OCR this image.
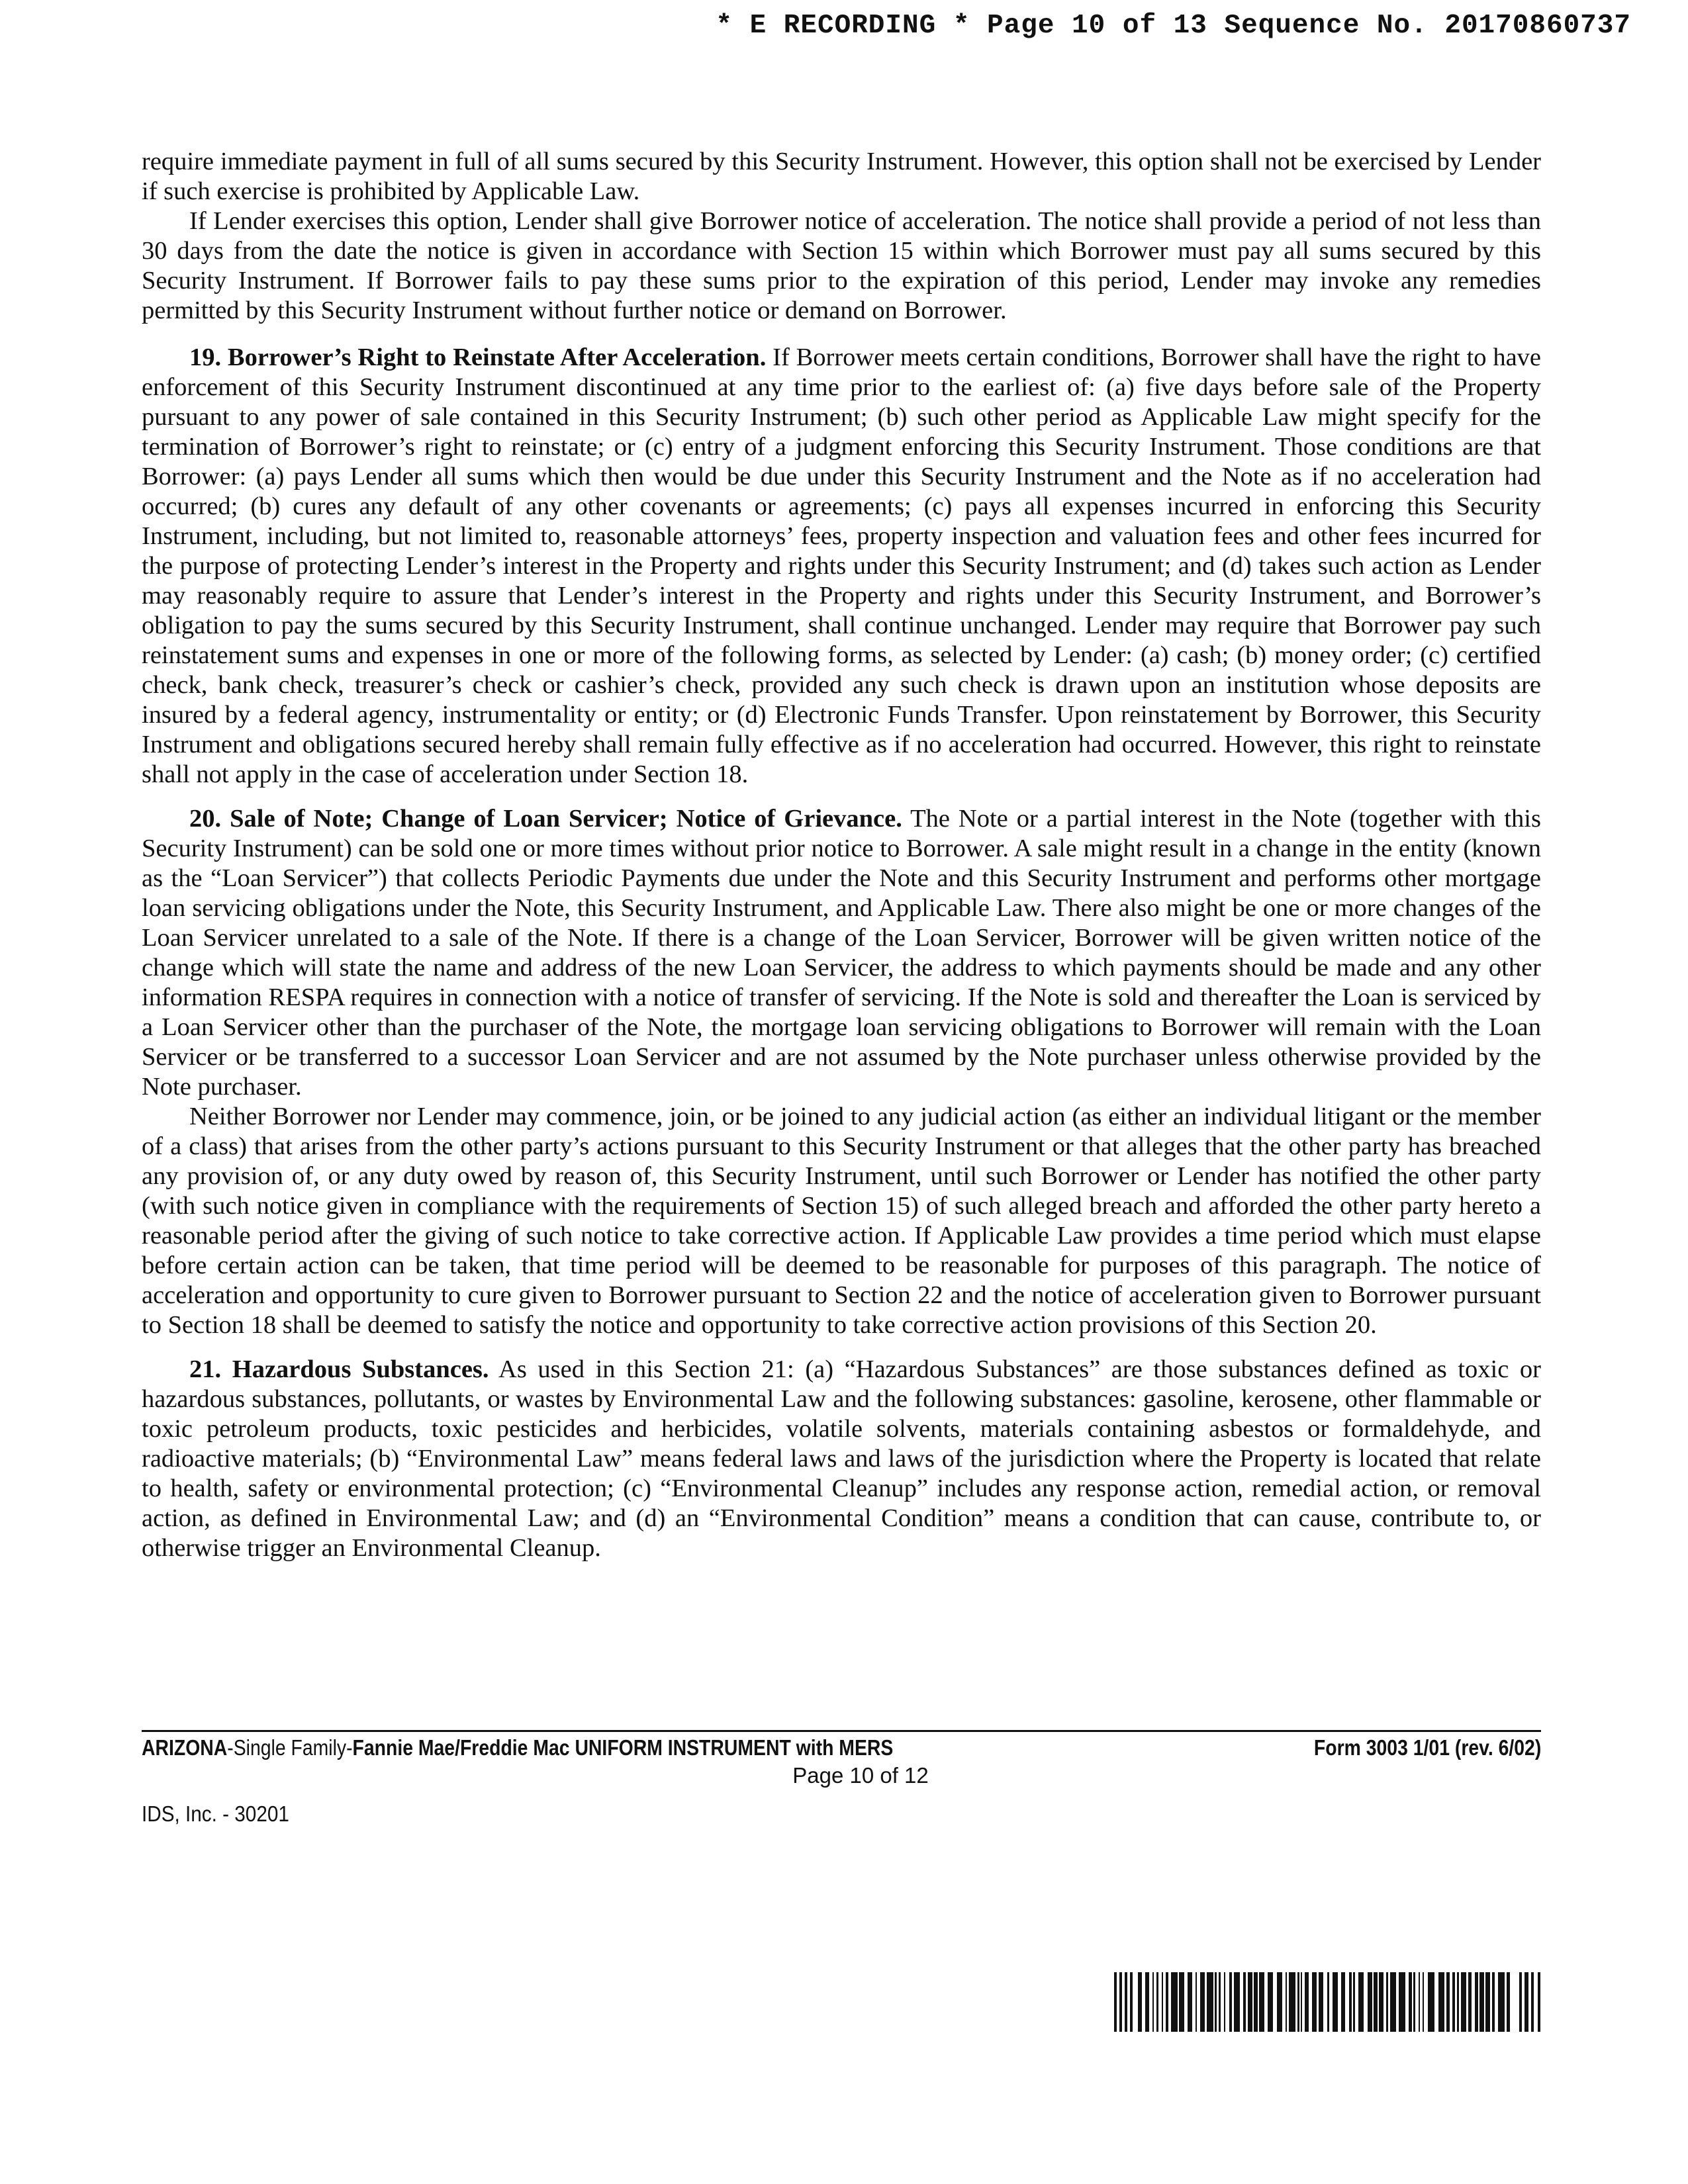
* E RECORDING * Page 10 of 13 Sequence No. 20170860737

require immediate payment in full of all sums secured by this Security Instrument. However, this option shall not be exercised by Lender if such exercise is prohibited by Applicable Law.

If Lender exercises this option, Lender shall give Borrower notice of acceleration. The notice shall provide a period of not less than 30 days from the date the notice is given in accordance with Section 15 within which Borrower must pay all sums secured by this Security Instrument. If Borrower fails to pay these sums prior to the expiration of this period, Lender may invoke any remedies permitted by this Security Instrument without further notice or demand on Borrower.

19. Borrower’s Right to Reinstate After Acceleration. If Borrower meets certain conditions, Borrower shall have the right to have enforcement of this Security Instrument discontinued at any time prior to the earliest of: (a) five days before sale of the Property pursuant to any power of sale contained in this Security Instrument; (b) such other period as Applicable Law might specify for the termination of Borrower’s right to reinstate; or (c) entry of a judgment enforcing this Security Instrument. Those conditions are that Borrower: (a) pays Lender all sums which then would be due under this Security Instrument and the Note as if no acceleration had occurred; (b) cures any default of any other covenants or agreements; (c) pays all expenses incurred in enforcing this Security Instrument, including, but not limited to, reasonable attorneys’ fees, property inspection and valuation fees and other fees incurred for the purpose of protecting Lender’s interest in the Property and rights under this Security Instrument; and (d) takes such action as Lender may reasonably require to assure that Lender’s interest in the Property and rights under this Security Instrument, and Borrower’s obligation to pay the sums secured by this Security Instrument, shall continue unchanged. Lender may require that Borrower pay such reinstatement sums and expenses in one or more of the following forms, as selected by Lender: (a) cash; (b) money order; (c) certified check, bank check, treasurer’s check or cashier’s check, provided any such check is drawn upon an institution whose deposits are insured by a federal agency, instrumentality or entity; or (d) Electronic Funds Transfer. Upon reinstatement by Borrower, this Security Instrument and obligations secured hereby shall remain fully effective as if no acceleration had occurred. However, this right to reinstate shall not apply in the case of acceleration under Section 18.

20. Sale of Note; Change of Loan Servicer; Notice of Grievance. The Note or a partial interest in the Note (together with this Security Instrument) can be sold one or more times without prior notice to Borrower. A sale might result in a change in the entity (known as the “Loan Servicer”) that collects Periodic Payments due under the Note and this Security Instrument and performs other mortgage loan servicing obligations under the Note, this Security Instrument, and Applicable Law. There also might be one or more changes of the Loan Servicer unrelated to a sale of the Note. If there is a change of the Loan Servicer, Borrower will be given written notice of the change which will state the name and address of the new Loan Servicer, the address to which payments should be made and any other information RESPA requires in connection with a notice of transfer of servicing. If the Note is sold and thereafter the Loan is serviced by a Loan Servicer other than the purchaser of the Note, the mortgage loan servicing obligations to Borrower will remain with the Loan Servicer or be transferred to a successor Loan Servicer and are not assumed by the Note purchaser unless otherwise provided by the Note purchaser.

Neither Borrower nor Lender may commence, join, or be joined to any judicial action (as either an individual litigant or the member of a class) that arises from the other party’s actions pursuant to this Security Instrument or that alleges that the other party has breached any provision of, or any duty owed by reason of, this Security Instrument, until such Borrower or Lender has notified the other party (with such notice given in compliance with the requirements of Section 15) of such alleged breach and afforded the other party hereto a reasonable period after the giving of such notice to take corrective action. If Applicable Law provides a time period which must elapse before certain action can be taken, that time period will be deemed to be reasonable for purposes of this paragraph. The notice of acceleration and opportunity to cure given to Borrower pursuant to Section 22 and the notice of acceleration given to Borrower pursuant to Section 18 shall be deemed to satisfy the notice and opportunity to take corrective action provisions of this Section 20.

21. Hazardous Substances. As used in this Section 21: (a) “Hazardous Substances” are those substances defined as toxic or hazardous substances, pollutants, or wastes by Environmental Law and the following substances: gasoline, kerosene, other flammable or toxic petroleum products, toxic pesticides and herbicides, volatile solvents, materials containing asbestos or formaldehyde, and radioactive materials; (b) “Environmental Law” means federal laws and laws of the jurisdiction where the Property is located that relate to health, safety or environmental protection; (c) “Environmental Cleanup” includes any response action, remedial action, or removal action, as defined in Environmental Law; and (d) an “Environmental Condition” means a condition that can cause, contribute to, or otherwise trigger an Environmental Cleanup.

ARIZONA-Single Family-Fannie Mae/Freddie Mac UNIFORM INSTRUMENT with MERS	Form 3003 1/01 (rev. 6/02)
Page 10 of 12
IDS, Inc. - 30201
